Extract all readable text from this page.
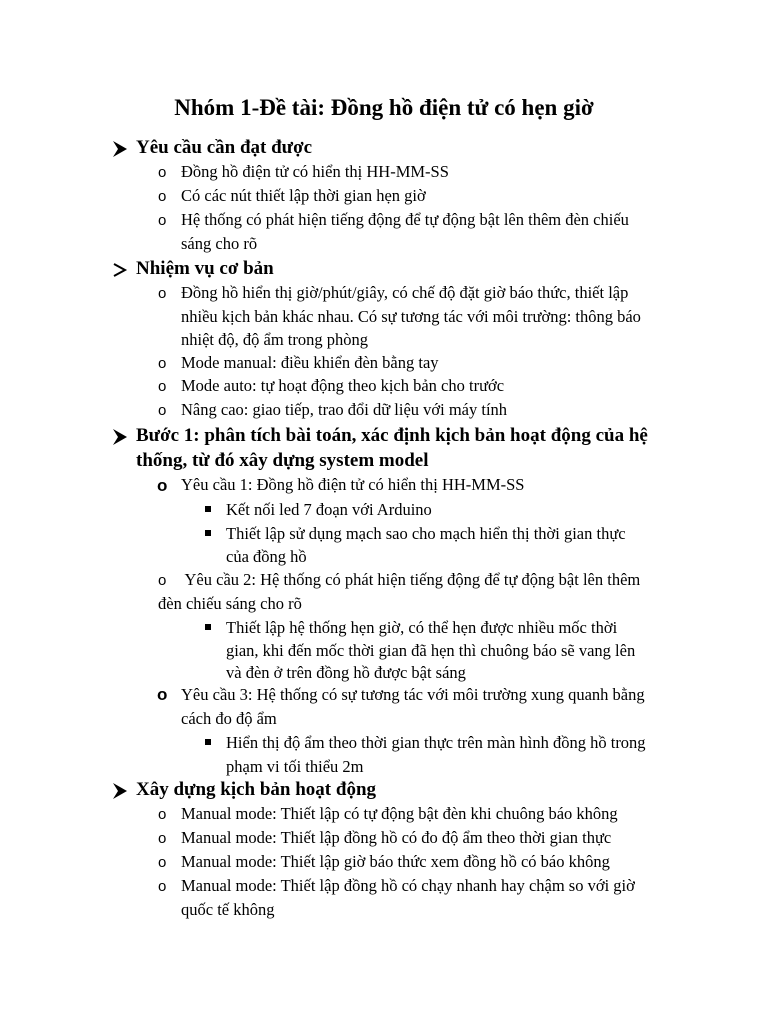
Nhóm 1-Đề tài: Đồng hồ điện tử có hẹn giờ
Yêu cầu cần đạt được
o Đồng hồ điện tử có hiển thị HH-MM-SS
o Có các nút thiết lập thời gian hẹn giờ
o Hệ thống có phát hiện tiếng động để tự động bật lên thêm đèn chiếu
sáng cho rõ
Nhiệm vụ cơ bản
o Đồng hồ hiển thị giờ/phút/giây, có chế độ đặt giờ báo thức, thiết lập
nhiều kịch bản khác nhau. Có sự tương tác với môi trường: thông báo
nhiệt độ, độ ẩm trong phòng
o Mode manual: điều khiển đèn bằng tay
o Mode auto: tự hoạt động theo kịch bản cho trước
o Nâng cao: giao tiếp, trao đổi dữ liệu với máy tính
Bước 1: phân tích bài toán, xác định kịch bản hoạt động của hệ
thống, từ đó xây dựng system model
o Yêu cầu 1: Đồng hồ điện tử có hiển thị HH-MM-SS
Kết nối led 7 đoạn với Arduino
Thiết lập sử dụng mạch sao cho mạch hiển thị thời gian thực
của đồng hồ
o Yêu cầu 2: Hệ thống có phát hiện tiếng động để tự động bật lên thêm
đèn chiếu sáng cho rõ
Thiết lập hệ thống hẹn giờ, có thể hẹn được nhiều mốc thời
gian, khi đến mốc thời gian đã hẹn thì chuông báo sẽ vang lên
và đèn ở trên đồng hồ được bật sáng
o Yêu cầu 3: Hệ thống có sự tương tác với môi trường xung quanh bằng
cách đo độ ẩm
Hiển thị độ ẩm theo thời gian thực trên màn hình đồng hồ trong
phạm vi tối thiểu 2m
Xây dựng kịch bản hoạt động
o Manual mode: Thiết lập có tự động bật đèn khi chuông báo không
o Manual mode: Thiết lập đồng hồ có đo độ ẩm theo thời gian thực
o Manual mode: Thiết lập giờ báo thức xem đồng hồ có báo không
o Manual mode: Thiết lập đồng hồ có chạy nhanh hay chậm so với giờ
quốc tế không
